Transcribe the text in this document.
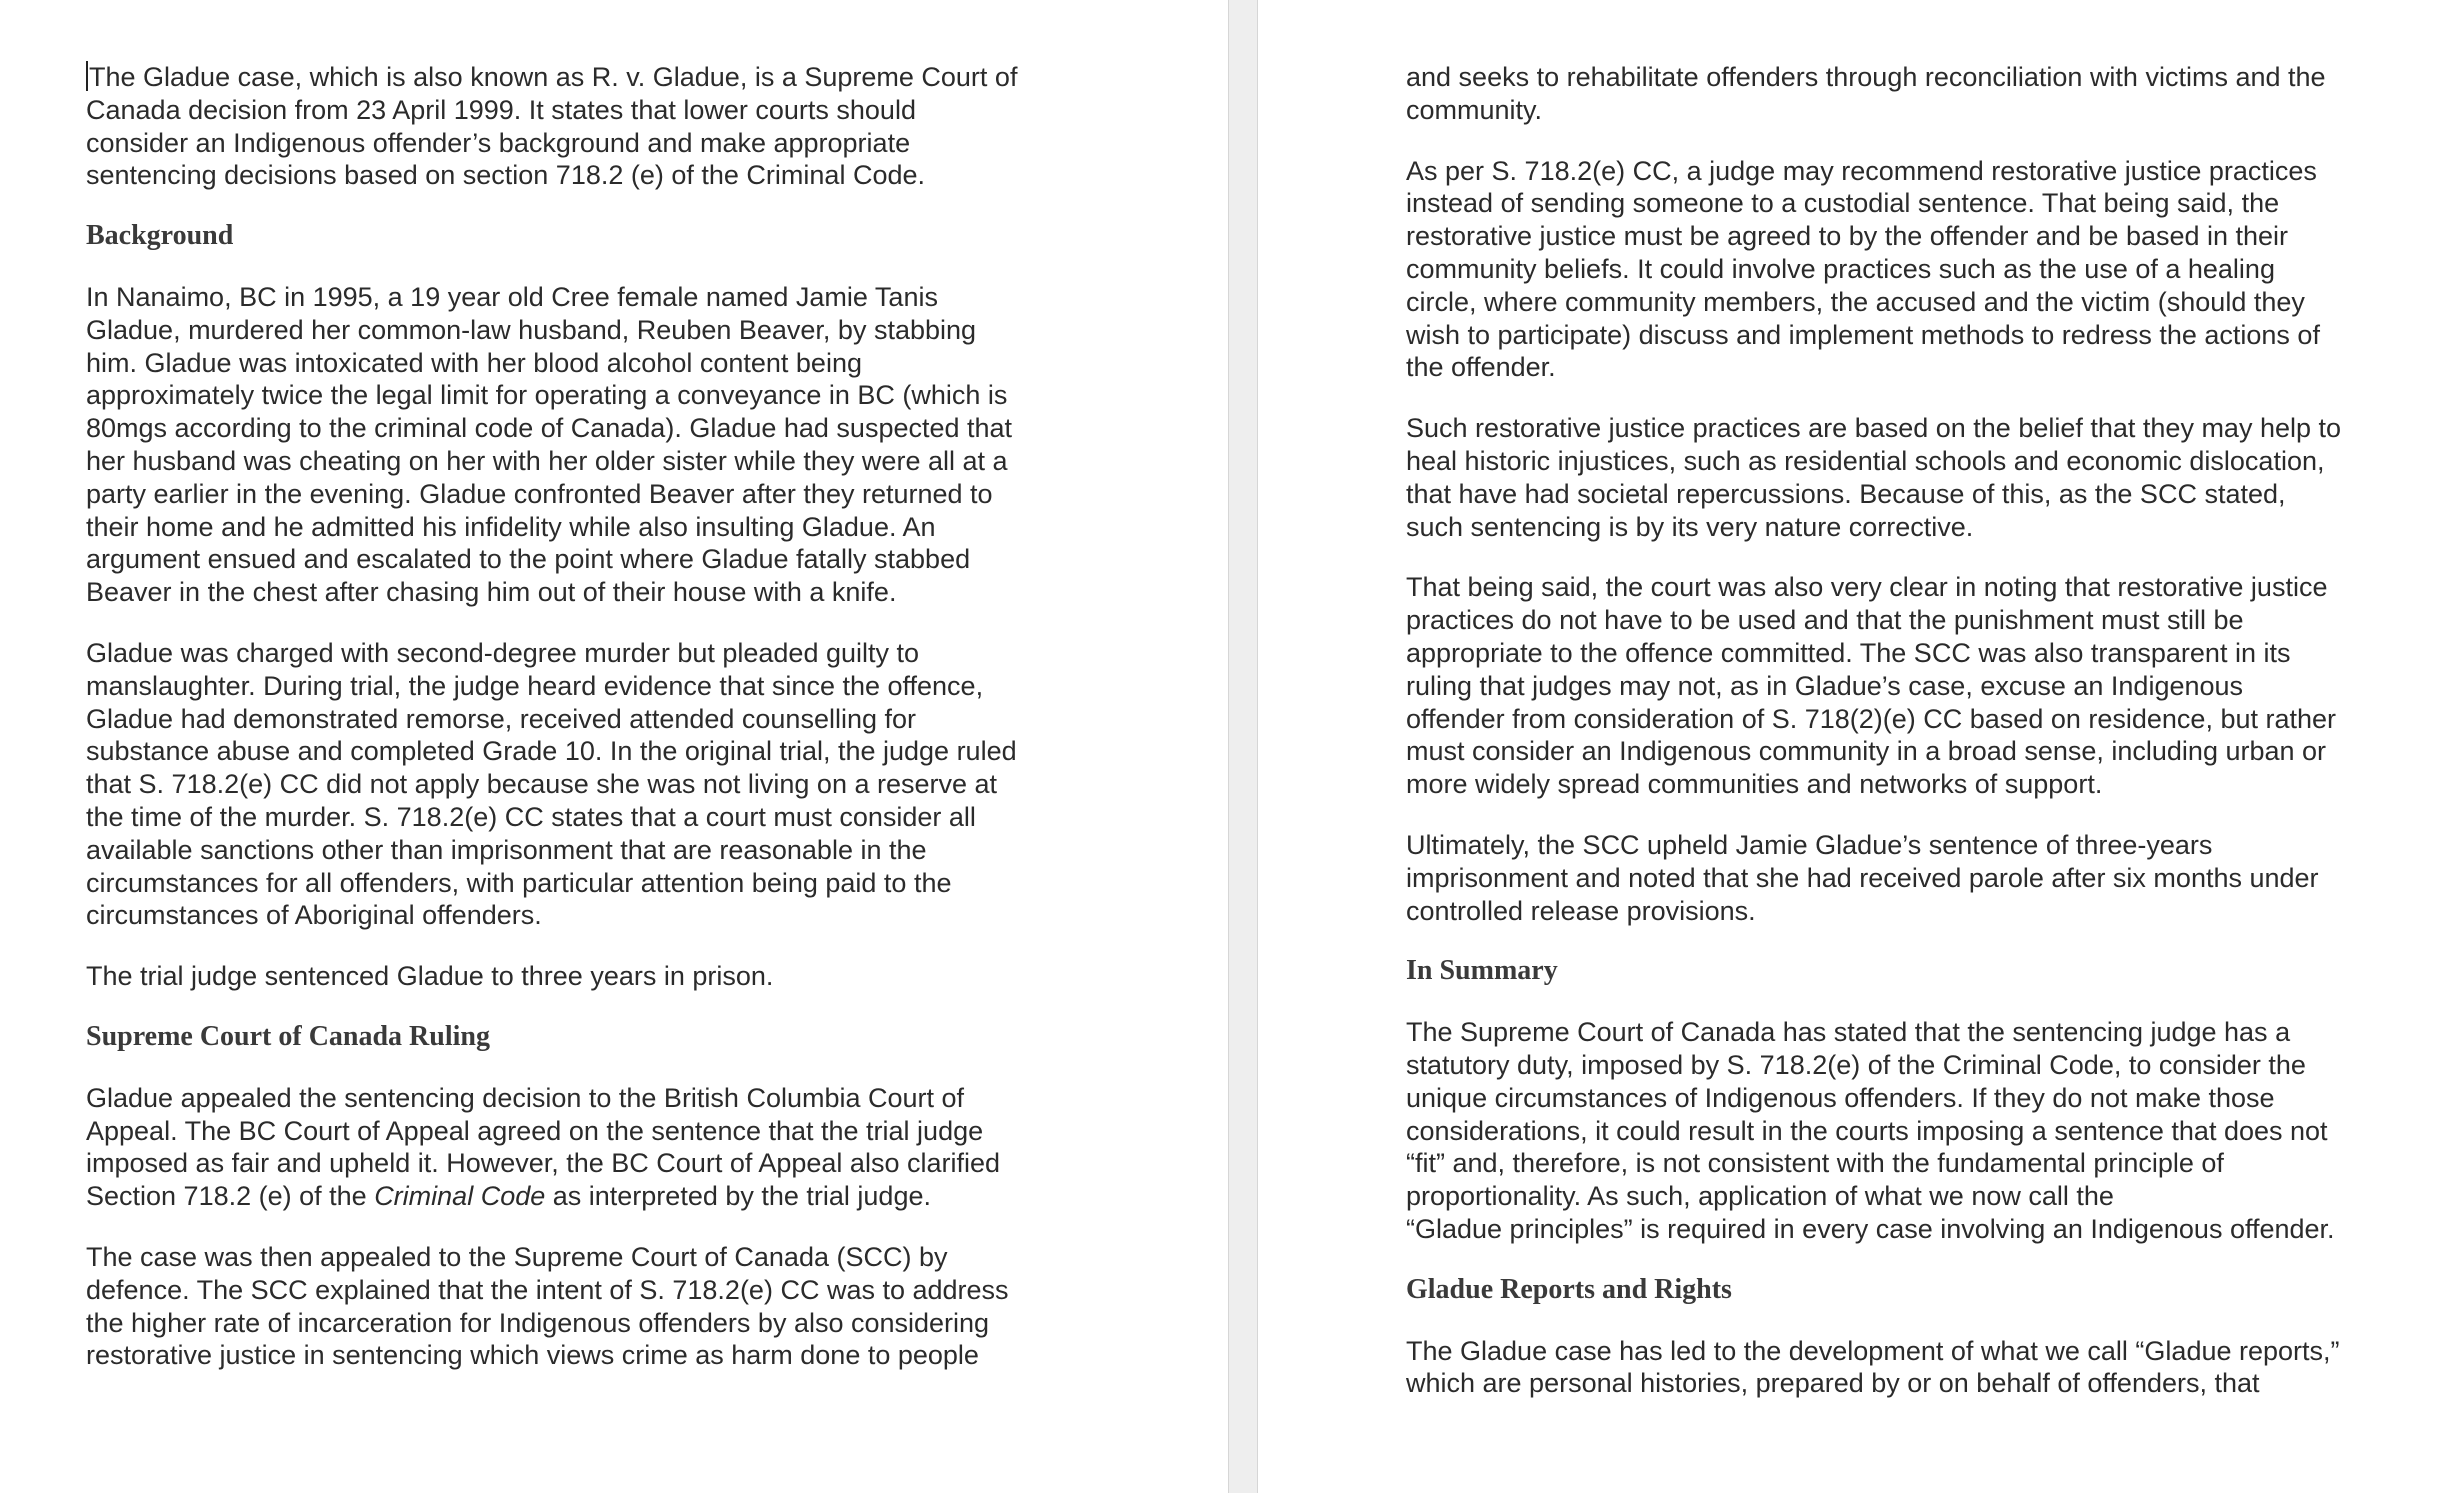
The Gladue case, which is also known as R. v. Gladue, is a Supreme Court of
Canada decision from 23 April 1999. It states that lower courts should
consider an Indigenous offender’s background and make appropriate
sentencing decisions based on section 718.2 (e) of the Criminal Code.

Background

In Nanaimo, BC in 1995, a 19 year old Cree female named Jamie Tanis
Gladue, murdered her common-law husband, Reuben Beaver, by stabbing
him. Gladue was intoxicated with her blood alcohol content being
approximately twice the legal limit for operating a conveyance in BC (which is
80mgs according to the criminal code of Canada). Gladue had suspected that
her husband was cheating on her with her older sister while they were all at a
party earlier in the evening. Gladue confronted Beaver after they returned to
their home and he admitted his infidelity while also insulting Gladue. An
argument ensued and escalated to the point where Gladue fatally stabbed
Beaver in the chest after chasing him out of their house with a knife.

Gladue was charged with second-degree murder but pleaded guilty to
manslaughter. During trial, the judge heard evidence that since the offence,
Gladue had demonstrated remorse, received attended counselling for
substance abuse and completed Grade 10. In the original trial, the judge ruled
that S. 718.2(e) CC did not apply because she was not living on a reserve at
the time of the murder. S. 718.2(e) CC states that a court must consider all
available sanctions other than imprisonment that are reasonable in the
circumstances for all offenders, with particular attention being paid to the
circumstances of Aboriginal offenders.

The trial judge sentenced Gladue to three years in prison.

Supreme Court of Canada Ruling

Gladue appealed the sentencing decision to the British Columbia Court of
Appeal. The BC Court of Appeal agreed on the sentence that the trial judge
imposed as fair and upheld it. However, the BC Court of Appeal also clarified
Section 718.2 (e) of the Criminal Code as interpreted by the trial judge.

The case was then appealed to the Supreme Court of Canada (SCC) by
defence. The SCC explained that the intent of S. 718.2(e) CC was to address
the higher rate of incarceration for Indigenous offenders by also considering
restorative justice in sentencing which views crime as harm done to people

and seeks to rehabilitate offenders through reconciliation with victims and the
community.

As per S. 718.2(e) CC, a judge may recommend restorative justice practices
instead of sending someone to a custodial sentence. That being said, the
restorative justice must be agreed to by the offender and be based in their
community beliefs. It could involve practices such as the use of a healing
circle, where community members, the accused and the victim (should they
wish to participate) discuss and implement methods to redress the actions of
the offender.

Such restorative justice practices are based on the belief that they may help to
heal historic injustices, such as residential schools and economic dislocation,
that have had societal repercussions. Because of this, as the SCC stated,
such sentencing is by its very nature corrective.

That being said, the court was also very clear in noting that restorative justice
practices do not have to be used and that the punishment must still be
appropriate to the offence committed. The SCC was also transparent in its
ruling that judges may not, as in Gladue’s case, excuse an Indigenous
offender from consideration of S. 718(2)(e) CC based on residence, but rather
must consider an Indigenous community in a broad sense, including urban or
more widely spread communities and networks of support.

Ultimately, the SCC upheld Jamie Gladue’s sentence of three-years
imprisonment and noted that she had received parole after six months under
controlled release provisions.

In Summary

The Supreme Court of Canada has stated that the sentencing judge has a
statutory duty, imposed by S. 718.2(e) of the Criminal Code, to consider the
unique circumstances of Indigenous offenders. If they do not make those
considerations, it could result in the courts imposing a sentence that does not
“fit” and, therefore, is not consistent with the fundamental principle of
proportionality. As such, application of what we now call the
“Gladue principles” is required in every case involving an Indigenous offender.

Gladue Reports and Rights

The Gladue case has led to the development of what we call “Gladue reports,”
which are personal histories, prepared by or on behalf of offenders, that
